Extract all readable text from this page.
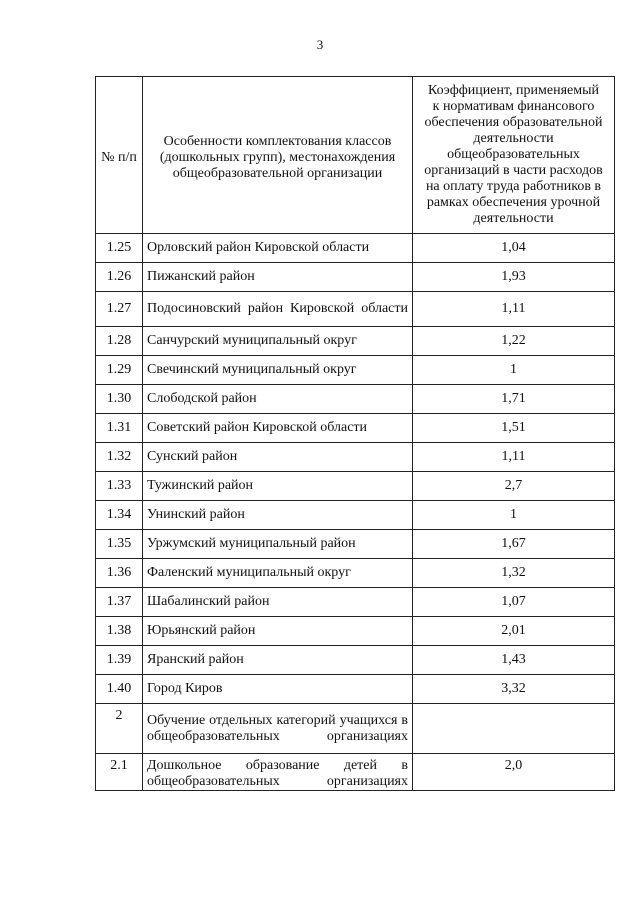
3
№ п/п	Особенности комплектования классов (дошкольных групп), местонахождения общеобразовательной организации	Коэффициент, применяемый к нормативам финансового обеспечения образовательной деятельности общеобразовательных организаций в части расходов на оплату труда работников в рамках обеспечения урочной деятельности
1.25	Орловский район Кировской области	1,04
1.26	Пижанский район	1,93
1.27	Подосиновский район Кировской области	1,11
1.28	Санчурский муниципальный округ	1,22
1.29	Свечинский муниципальный округ	1
1.30	Слободской район	1,71
1.31	Советский район Кировской области	1,51
1.32	Сунский район	1,11
1.33	Тужинский район	2,7
1.34	Унинский район	1
1.35	Уржумский муниципальный район	1,67
1.36	Фаленский муниципальный округ	1,32
1.37	Шабалинский район	1,07
1.38	Юрьянский район	2,01
1.39	Яранский район	1,43
1.40	Город Киров	3,32
2	Обучение отдельных категорий учащихся в общеобразовательных организациях	
2.1	Дошкольное образование детей в общеобразовательных организациях	2,0
